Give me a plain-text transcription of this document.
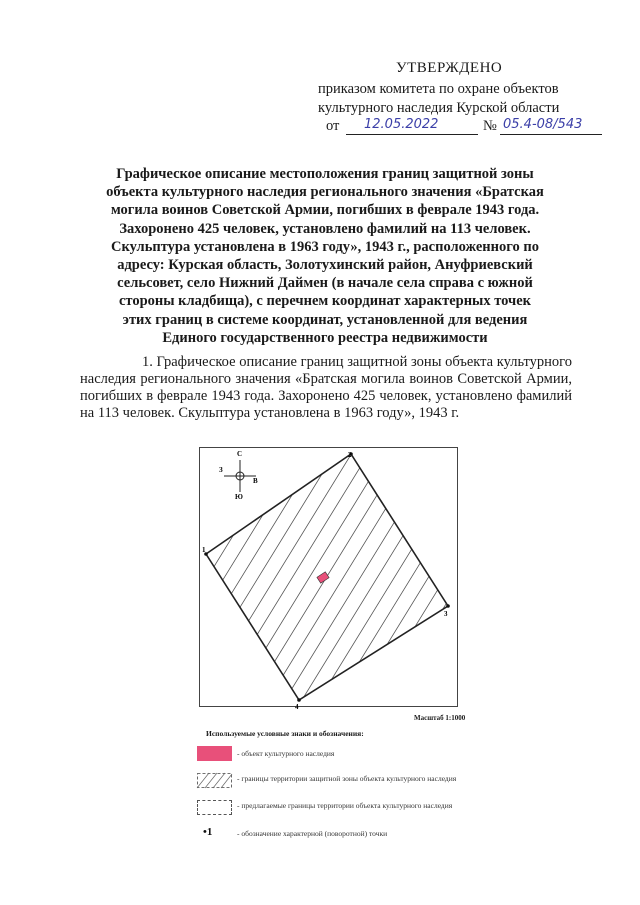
УТВЕРЖДЕНО
приказом комитета по охране объектов
культурного наследия Курской области
от 12.05.2022	№ 05.4-08/543
Графическое описание местоположения границ защитной зоны
объекта культурного наследия регионального значения «Братская
могила воинов Советской Армии, погибших в феврале 1943 года.
Захоронено 425 человек, установлено фамилий на 113 человек.
Скульптура установлена в 1963 году», 1943 г., расположенного по
адресу: Курская область, Золотухинский район, Ануфриевский
сельсовет, село Нижний Даймен (в начале села справа с южной
стороны кладбища), с перечнем координат характерных точек
этих границ в системе координат, установленной для ведения
Единого государственного реестра недвижимости
1. Графическое описание границ защитной зоны объекта культурного наследия регионального значения «Братская могила воинов Советской Армии, погибших в феврале 1943 года. Захоронено 425 человек, установлено фамилий на 113 человек. Скульптура установлена в 1963 году», 1943 г.
1
2
3
4
С
Ю
З
В
Масштаб 1:1000
Используемые условные знаки и обозначения:
- объект культурного наследия
- границы территории защитной зоны объекта культурного наследия
- предлагаемые границы территории объекта культурного наследия
•1	- обозначение характерной (поворотной) точки
